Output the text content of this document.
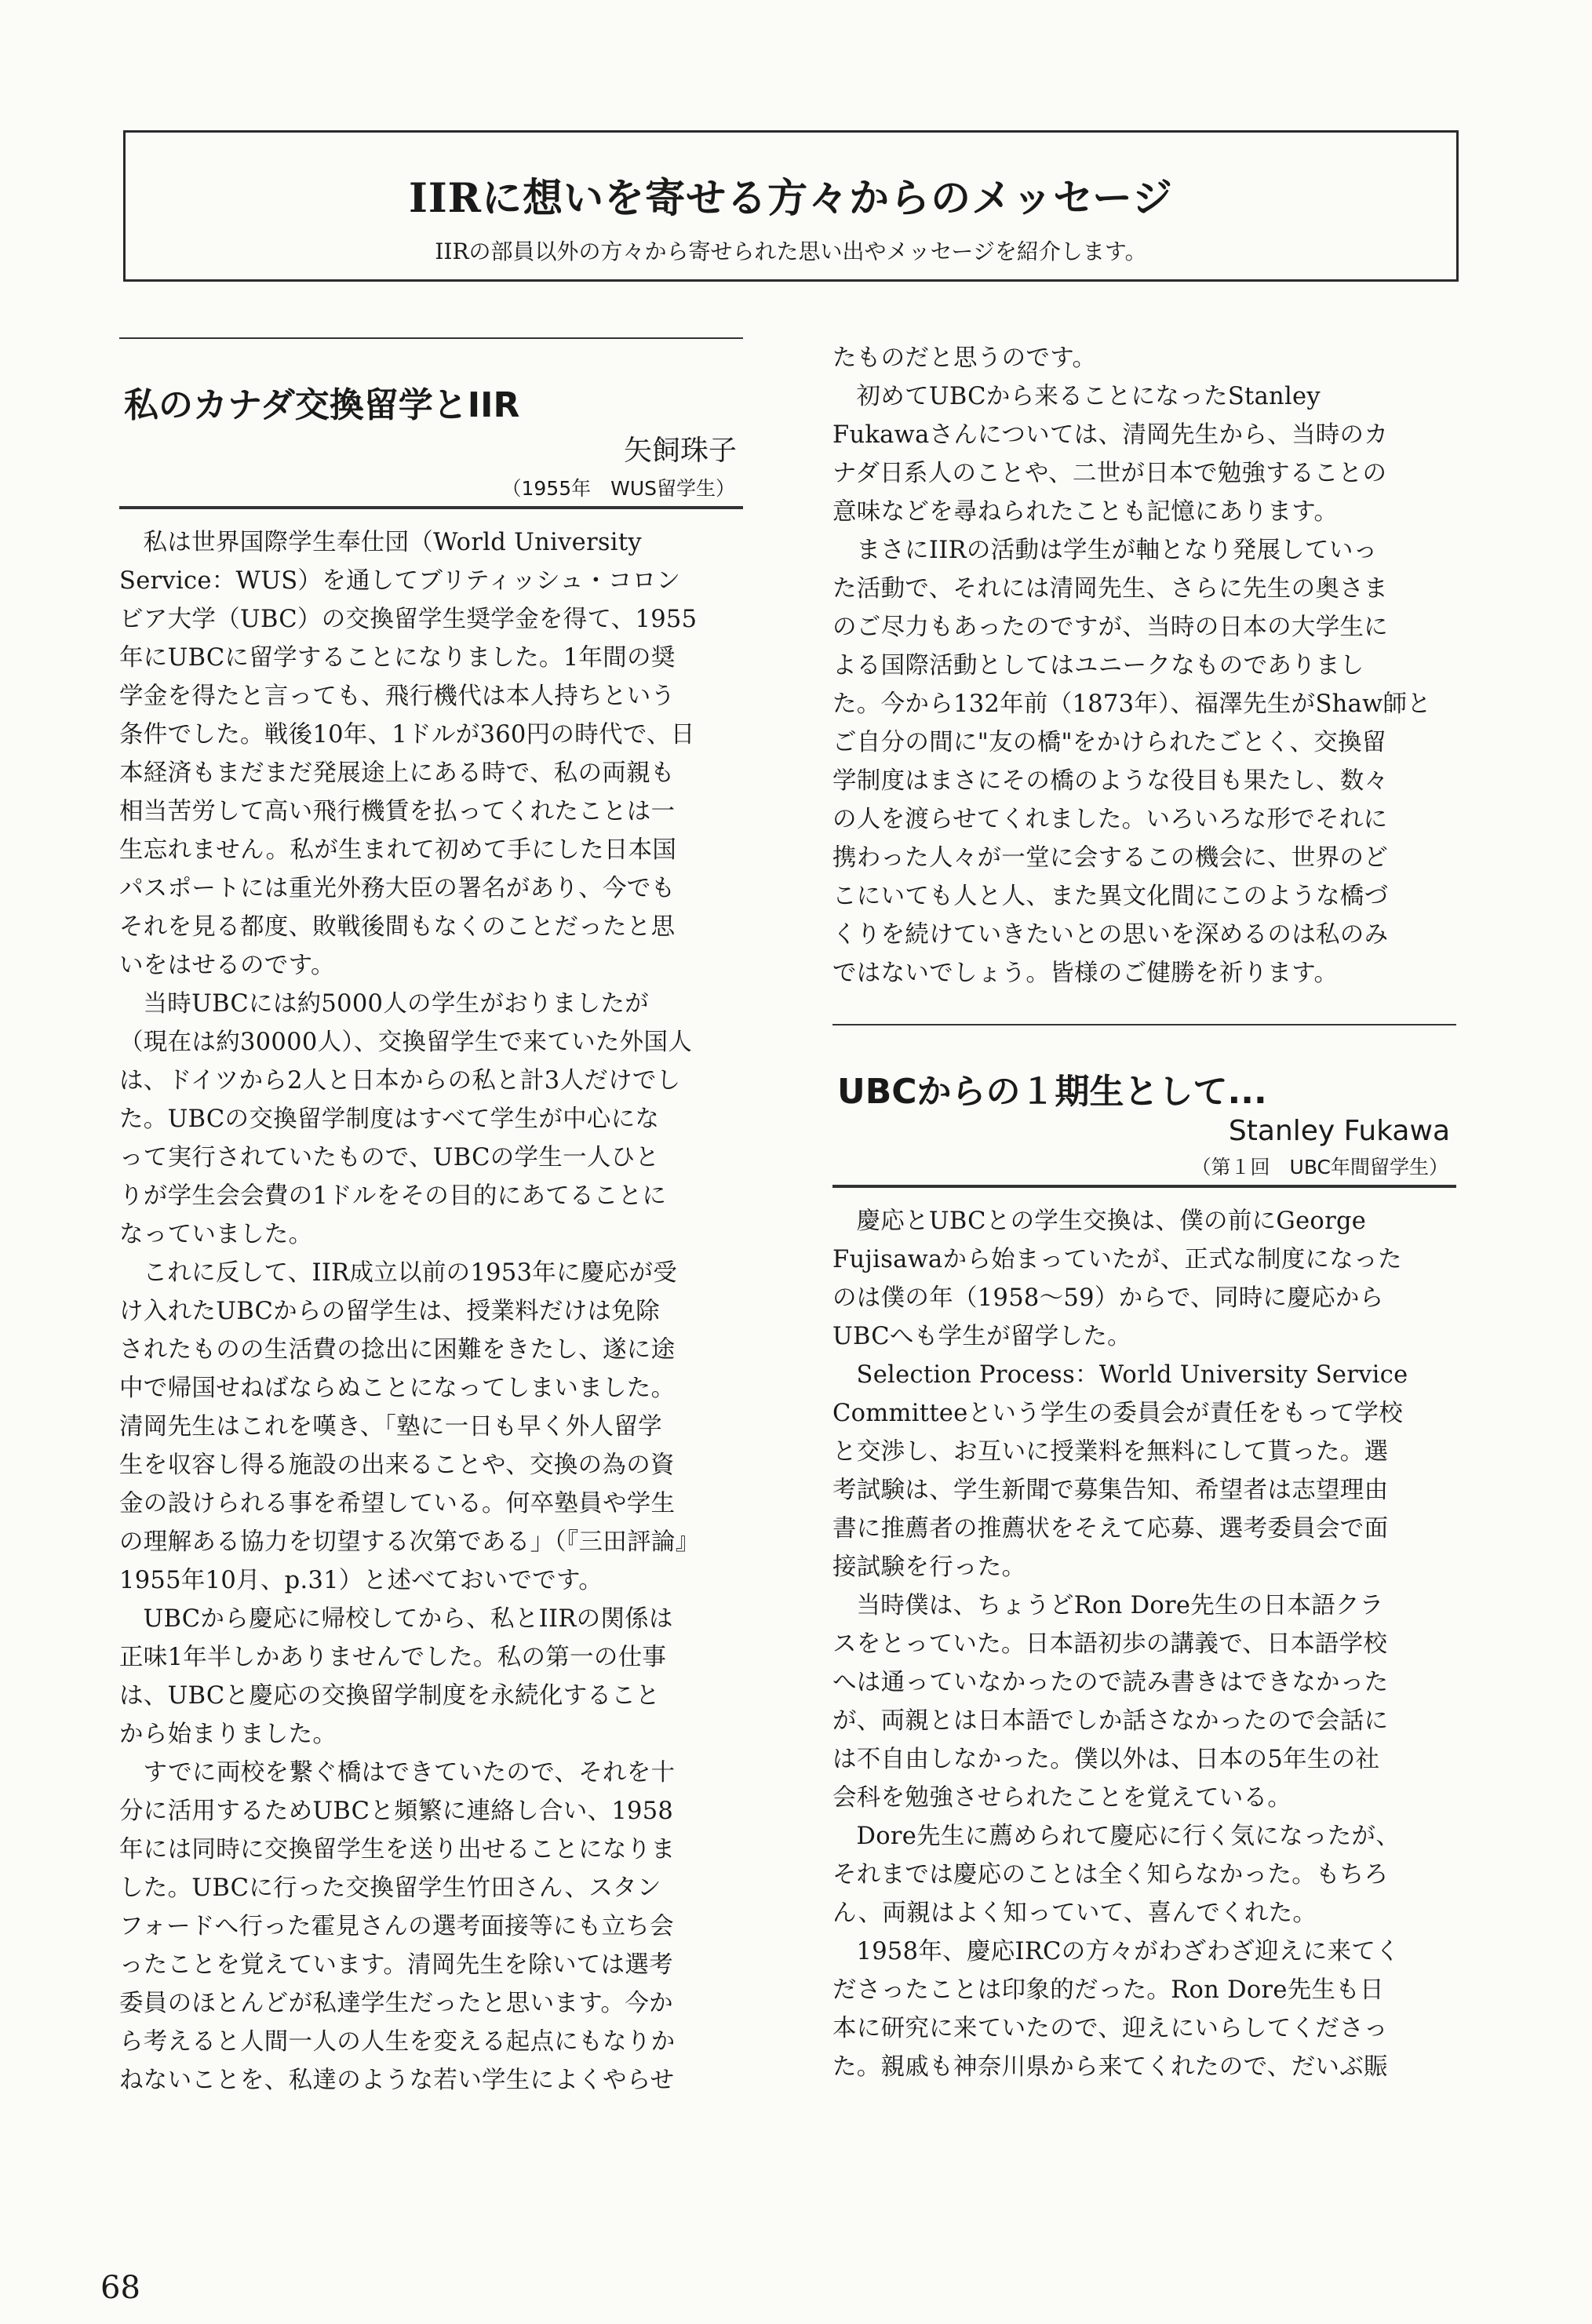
IIRに想いを寄せる方々からのメッセージ
IIRの部員以外の方々から寄せられた思い出やメッセージを紹介します。
私のカナダ交換留学とIIR
矢飼珠子
（1955年　WUS留学生）

私は世界国際学生奉仕団（World University
Service：WUS）を通してブリティッシュ・コロン
ビア大学（UBC）の交換留学生奨学金を得て、1955
年にUBCに留学することになりました。1年間の奨
学金を得たと言っても、飛行機代は本人持ちという
条件でした。戦後10年、1ドルが360円の時代で、日
本経済もまだまだ発展途上にある時で、私の両親も
相当苦労して高い飛行機賃を払ってくれたことは一
生忘れません。私が生まれて初めて手にした日本国
パスポートには重光外務大臣の署名があり、今でも
それを見る都度、敗戦後間もなくのことだったと思
いをはせるのです。

当時UBCには約5000人の学生がおりましたが
（現在は約30000人）、交換留学生で来ていた外国人
は、ドイツから2人と日本からの私と計3人だけでし
た。UBCの交換留学制度はすべて学生が中心にな
って実行されていたもので、UBCの学生一人ひと
りが学生会会費の1ドルをその目的にあてることに
なっていました。

これに反して、IIR成立以前の1953年に慶応が受
け入れたUBCからの留学生は、授業料だけは免除
されたものの生活費の捻出に困難をきたし、遂に途
中で帰国せねばならぬことになってしまいました。
清岡先生はこれを嘆き、「塾に一日も早く外人留学
生を収容し得る施設の出来ることや、交換の為の資
金の設けられる事を希望している。何卒塾員や学生
の理解ある協力を切望する次第である」（『三田評論』
1955年10月、p.31）と述べておいでです。

UBCから慶応に帰校してから、私とIIRの関係は
正味1年半しかありませんでした。私の第一の仕事
は、UBCと慶応の交換留学制度を永続化すること
から始まりました。

すでに両校を繋ぐ橋はできていたので、それを十
分に活用するためUBCと頻繁に連絡し合い、1958
年には同時に交換留学生を送り出せることになりま
した。UBCに行った交換留学生竹田さん、スタン
フォードへ行った霍見さんの選考面接等にも立ち会
ったことを覚えています。清岡先生を除いては選考
委員のほとんどが私達学生だったと思います。今か
ら考えると人間一人の人生を変える起点にもなりか
ねないことを、私達のような若い学生によくやらせ

たものだと思うのです。

初めてUBCから来ることになったStanley
Fukawaさんについては、清岡先生から、当時のカ
ナダ日系人のことや、二世が日本で勉強することの
意味などを尋ねられたことも記憶にあります。

まさにIIRの活動は学生が軸となり発展していっ
た活動で、それには清岡先生、さらに先生の奥さま
のご尽力もあったのですが、当時の日本の大学生に
よる国際活動としてはユニークなものでありまし
た。今から132年前（1873年）、福澤先生がShaw師と
ご自分の間に"友の橋"をかけられたごとく、交換留
学制度はまさにその橋のような役目も果たし、数々
の人を渡らせてくれました。いろいろな形でそれに
携わった人々が一堂に会するこの機会に、世界のど
こにいても人と人、また異文化間にこのような橋づ
くりを続けていきたいとの思いを深めるのは私のみ
ではないでしょう。皆様のご健勝を祈ります。

UBCからの１期生として...
Stanley Fukawa
（第１回　UBC年間留学生）

慶応とUBCとの学生交換は、僕の前にGeorge
Fujisawaから始まっていたが、正式な制度になった
のは僕の年（1958〜59）からで、同時に慶応から
UBCへも学生が留学した。

Selection Process：World University Service
Committeeという学生の委員会が責任をもって学校
と交渉し、お互いに授業料を無料にして貰った。選
考試験は、学生新聞で募集告知、希望者は志望理由
書に推薦者の推薦状をそえて応募、選考委員会で面
接試験を行った。

当時僕は、ちょうどRon Dore先生の日本語クラ
スをとっていた。日本語初歩の講義で、日本語学校
へは通っていなかったので読み書きはできなかった
が、両親とは日本語でしか話さなかったので会話に
は不自由しなかった。僕以外は、日本の5年生の社
会科を勉強させられたことを覚えている。

Dore先生に薦められて慶応に行く気になったが、
それまでは慶応のことは全く知らなかった。もちろ
ん、両親はよく知っていて、喜んでくれた。

1958年、慶応IRCの方々がわざわざ迎えに来てく
ださったことは印象的だった。Ron Dore先生も日
本に研究に来ていたので、迎えにいらしてくださっ
た。親戚も神奈川県から来てくれたので、だいぶ賑

68
